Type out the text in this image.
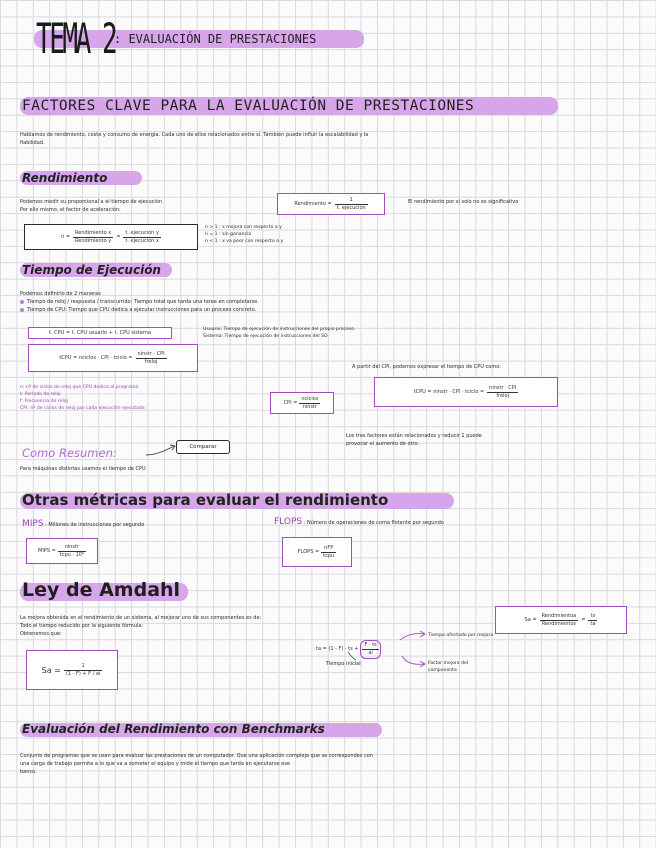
TEMA 2
: EVALUACIÓN DE PRESTACIONES
FACTORES CLAVE PARA LA EVALUACIÓN DE PRESTACIONES
Hablamos de rendimiento, coste y consumo de energía. Cada uno de ellos relacionados entre sí. También puede influir la escalabilidad y la
fiabilidad.
Rendimiento
Podemos medir su proporcional a el tiempo de ejecución
Por ello mismo, el factor de aceleración:
Rendimiento = $\frac{1}{\text{t. ejecución}}$	El rendimiento por sí solo no es significativo
$n = \frac{\text{Rendimiento x}}{\text{Rendimiento y}} = \frac{\text{t. ejecución y}}{\text{t. ejecución x}}$
n > 1 : x mejora con respecto a y
n = 1 : sin ganancia
n < 1 : x va peor con respecto a y
Tiempo de Ejecución
Podemos definirlo de 2 maneras
Tiempo de reloj / respuesta / transcurrido: Tiempo total que tarda una tarea en completarse.
Tiempo de CPU: Tiempo que CPU dedica a ejecutar instrucciones para un proceso concreto.
t. CPU = t. CPU usuario + t. CPU sistema	Usuario: Tiempo de ejecución de instrucciones del propio proceso
Sistema: Tiempo de ejecución de instrucciones del SO
tCPU = nciclos · CPI · tciclo = $\frac{\text{ninstr · CPI}}{\text{freloj}}$
A partir del CPI, podemos expresar el tiempo de CPU como:
tCPU = ninstr · CPI · tciclo = $\frac{\text{ninstr · CPI}}{\text{freloj}}$
n: nº de ciclos de reloj que CPU dedica al programa
t: Período de reloj
f: Frecuencia de reloj
CPI: nº de ciclos de reloj por cada ejecución ejecutada
CPI = $\frac{\text{nciclos}}{\text{ninstr}}$
Como Resumen:	Comparar
Para máquinas distintas usamos el tiempo de CPU
Los tres factores están relacionados y reducir 1 puede
provocar el aumento de otro.
Otras métricas para evaluar el rendimiento
MIPS : Millones de instrucciones por segundo
MIPS = $\frac{\text{ninstr}}{\text{tcpu · 10⁶}}$
FLOPS : Número de operaciones de coma flotante por segundo
FLOPS = $\frac{\text{nFP}}{\text{tcpu}}$
Ley de Amdahl
La mejora obtenida en el rendimiento de un sistema, al mejorar uno de sus componentes es de:
Todo el tiempo reducido por la siguiente fórmula:
Obtenemos que:
$Sa = \frac{\text{Rendimientoa}}{\text{Rendimientos}} = \frac{ts}{ta}$
ta = (1 - F) · ts + $\frac{F \cdot ts}{ai}$
Tiempo afectado por mejora
Factor mejora del componente
Tiempo inicial
$Sa = \frac{1}{(1 - F) + F / ai}$
Evaluación del Rendimiento con Benchmarks
Conjunto de programas que se usan para evaluar las prestaciones de un computador. Que una aplicación compleja que se correspondes con
una carga de trabajo permite a lo que va a someter el equipo y mide el tiempo que tarda en ejecutarse ese
banco.
